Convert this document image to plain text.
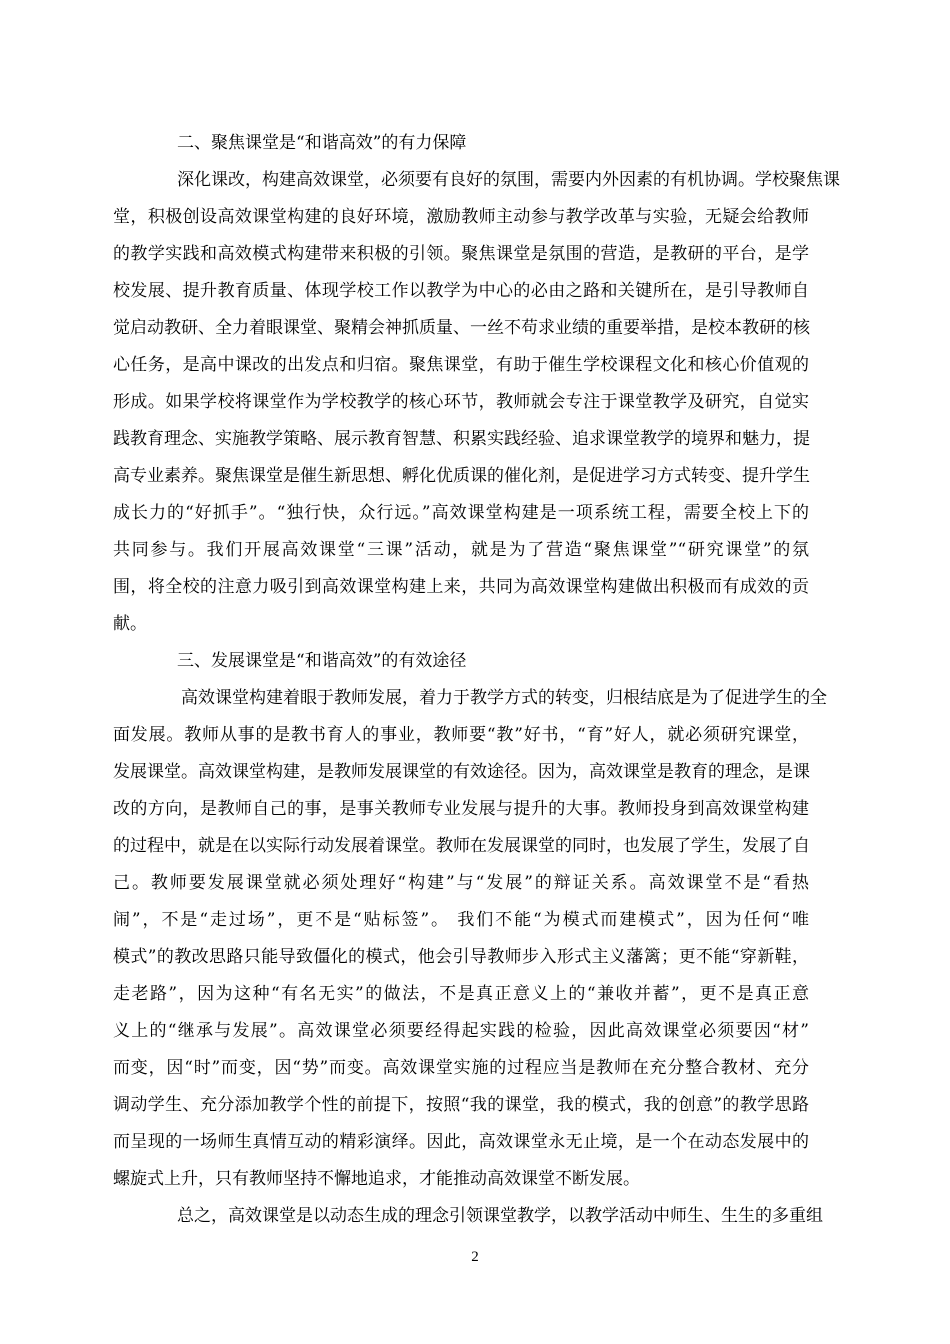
二、聚焦课堂是“和谐高效”的有力保障

深化课改，构建高效课堂，必须要有良好的氛围，需要内外因素的有机协调。学校聚焦课
堂，积极创设高效课堂构建的良好环境，激励教师主动参与教学改革与实验，无疑会给教师
的教学实践和高效模式构建带来积极的引领。聚焦课堂是氛围的营造，是教研的平台，是学
校发展、提升教育质量、体现学校工作以教学为中心的必由之路和关键所在，是引导教师自
觉启动教研、全力着眼课堂、聚精会神抓质量、一丝不苟求业绩的重要举措，是校本教研的核
心任务，是高中课改的出发点和归宿。聚焦课堂，有助于催生学校课程文化和核心价值观的
形成。如果学校将课堂作为学校教学的核心环节，教师就会专注于课堂教学及研究，自觉实
践教育理念、实施教学策略、展示教育智慧、积累实践经验、追求课堂教学的境界和魅力，提
高专业素养。聚焦课堂是催生新思想、孵化优质课的催化剂，是促进学习方式转变、提升学生
成长力的“好抓手”。“独行快，众行远。”高效课堂构建是一项系统工程，需要全校上下的
共同参与。我们开展高效课堂“三课”活动，就是为了营造“聚焦课堂”“研究课堂”的氛
围，将全校的注意力吸引到高效课堂构建上来，共同为高效课堂构建做出积极而有成效的贡
献。

三、发展课堂是“和谐高效”的有效途径

高效课堂构建着眼于教师发展，着力于教学方式的转变，归根结底是为了促进学生的全
面发展。教师从事的是教书育人的事业，教师要“教”好书，“育”好人，就必须研究课堂，
发展课堂。高效课堂构建，是教师发展课堂的有效途径。因为，高效课堂是教育的理念，是课
改的方向，是教师自己的事，是事关教师专业发展与提升的大事。教师投身到高效课堂构建
的过程中，就是在以实际行动发展着课堂。教师在发展课堂的同时，也发展了学生，发展了自
己。教师要发展课堂就必须处理好“构建”与“发展”的辩证关系。高效课堂不是“看热
闹”，不是“走过场”，更不是“贴标签”。 我们不能“为模式而建模式”，因为任何“唯
模式”的教改思路只能导致僵化的模式，他会引导教师步入形式主义藩篱；更不能“穿新鞋，
走老路”，因为这种“有名无实”的做法，不是真正意义上的“兼收并蓄”，更不是真正意
义上的“继承与发展”。高效课堂必须要经得起实践的检验，因此高效课堂必须要因“材”
而变，因“时”而变，因“势”而变。高效课堂实施的过程应当是教师在充分整合教材、充分
调动学生、充分添加教学个性的前提下，按照“我的课堂，我的模式，我的创意”的教学思路
而呈现的一场师生真情互动的精彩演绎。因此，高效课堂永无止境，是一个在动态发展中的
螺旋式上升，只有教师坚持不懈地追求，才能推动高效课堂不断发展。

总之，高效课堂是以动态生成的理念引领课堂教学，以教学活动中师生、生生的多重组

2
